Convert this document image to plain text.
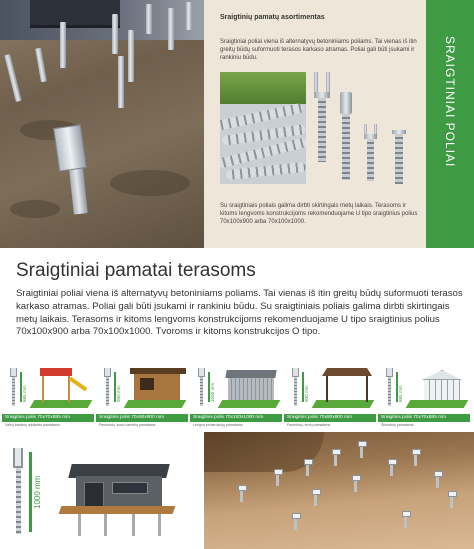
Sraigtinių pamatų asortimentas
Sraigtiniai poliai viena iš alternatyvų betoniniams poliams. Tai vienas iš itin greitų būdų suformuoti terasos karkaso atramas. Poliai gali būti įsukami ir rankiniu būdu.
Su sraigtiniais poliais galima dirbti skirtingais metų laikais. Terasoms ir kitoms lengvoms konstrukcijoms rekomenduojame U tipo sraigtinius polius 70x100x900 arba 70x100x1000.
SRAIGTINIAI POLIAI
Sraigtiniai pamatai terasoms

Sraigtiniai poliai viena iš alternatyvų betoniniams poliams. Tai vienas iš itin greitų būdų suformuoti terasos karkaso atramas. Poliai gali būti įsukami ir rankiniu būdu. Su sraigtiniais poliais galima dirbti skirtingais metų laikais. Terasoms ir kitoms lengvoms konstrukcijoms rekomenduojame U tipo sraigtinius polius 70x100x900 arba 70x100x1000. Tvoroms ir kitoms konstrukcijos O tipo.

685 mm
Sraigtinis polis 70x70x685 mm
Vaikų žaidimų aikštelės pamatams
900 mm
Sraigtinis polis 70x90x900 mm
Pavėsinių, sodo namelių pamatams
1000 mm
Sraigtinis polis 70x100x1000 mm
Lengvų konstrukcijų pamatams
900 mm
Sraigtinis polis 70x90x900 mm
Pavėsinių, tentų pamatams
685 mm
Sraigtinis polis 70x70x685 mm
Šiltnamių pamatams
1000 mm
